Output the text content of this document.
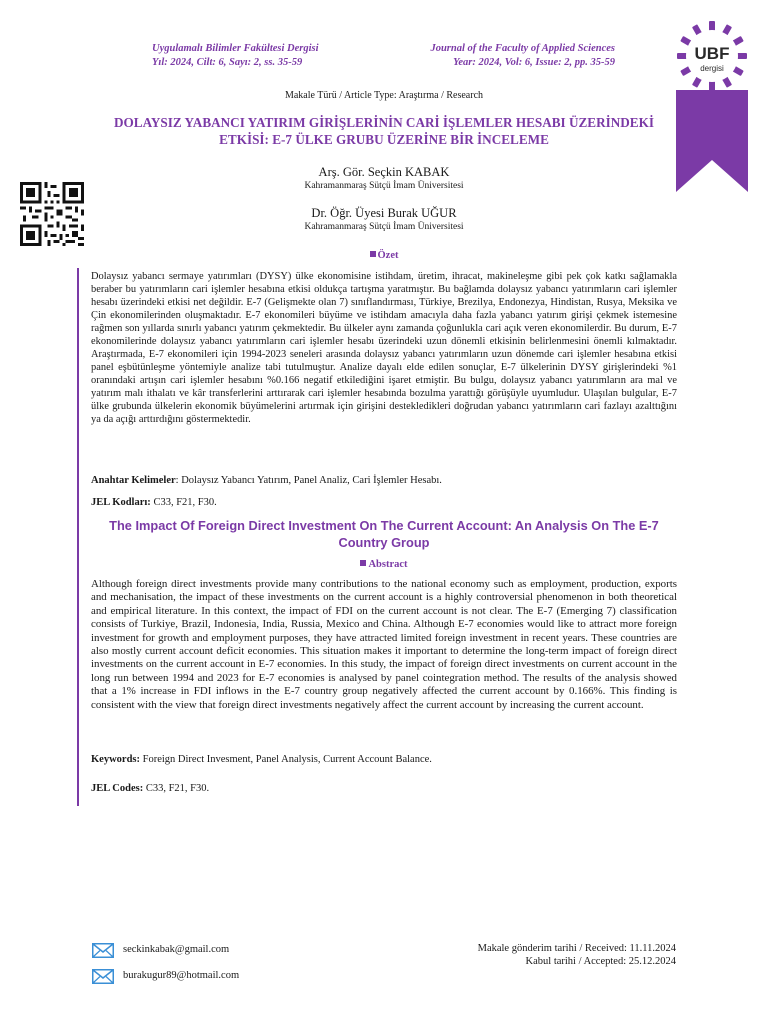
Uygulamalı Bilimler Fakültesi Dergisi
Yıl: 2024, Cilt: 6, Sayı: 2, ss. 35-59
Journal of the Faculty of Applied Sciences
Year: 2024, Vol: 6, Issue: 2, pp. 35-59	UBF
dergisi
Makale Türü / Article Type: Araştırma / Research
DOLAYSIZ YABANCI YATIRIM GİRİŞLERİNİN CARİ İŞLEMLER HESABI ÜZERİNDEKİ ETKİSİ: E-7 ÜLKE GRUBU ÜZERİNE BİR İNCELEME
Arş. Gör. Seçkin KABAK
Kahramanmaraş Sütçü İmam Üniversitesi
Dr. Öğr. Üyesi Burak UĞUR
Kahramanmaraş Sütçü İmam Üniversitesi
Özet
Dolaysız yabancı sermaye yatırımları (DYSY) ülke ekonomisine istihdam, üretim, ihracat, makineleşme gibi pek çok katkı sağlamakla beraber bu yatırımların cari işlemler hesabına etkisi oldukça tartışma yaratmıştır. Bu bağlamda dolaysız yabancı yatırımların cari işlemler hesabı üzerindeki etkisi net değildir. E-7 (Gelişmekte olan 7) sınıflandırması, Türkiye, Brezilya, Endonezya, Hindistan, Rusya, Meksika ve Çin ekonomilerinden oluşmaktadır. E-7 ekonomileri büyüme ve istihdam amacıyla daha fazla yabancı yatırım girişi çekmek istemesine rağmen son yıllarda sınırlı yabancı yatırım çekmektedir. Bu ülkeler aynı zamanda çoğunlukla cari açık veren ekonomilerdir. Bu durum, E-7 ekonomilerinde dolaysız yabancı yatırımların cari işlemler hesabı üzerindeki uzun dönemli etkisinin belirlenmesini önemli kılmaktadır. Araştırmada, E-7 ekonomileri için 1994-2023 seneleri arasında dolaysız yabancı yatırımların uzun dönemde cari işlemler hesabına etkisi panel eşbütünleşme yöntemiyle analize tabi tutulmuştur. Analize dayalı elde edilen sonuçlar, E-7 ülkelerinin DYSY girişlerindeki %1 oranındaki artışın cari işlemler hesabını %0.166 negatif etkilediğini işaret etmiştir. Bu bulgu, dolaysız yabancı yatırımların ara mal ve yatırım malı ithalatı ve kâr transferlerini arttırarak cari işlemler hesabında bozulma yarattığı görüşüyle uyumludur. Ulaşılan bulgular, E-7 ülke grubunda ülkelerin ekonomik büyümelerini artırmak için girişini destekledikleri doğrudan yabancı yatırımların cari fazlayı azalttığını ya da açığı arttırdığını göstermektedir.
Anahtar Kelimeler: Dolaysız Yabancı Yatırım, Panel Analiz, Cari İşlemler Hesabı.
JEL Kodları: C33, F21, F30.
The Impact Of Foreign Direct Investment On The Current Account: An Analysis On The E-7 Country Group
Abstract
Although foreign direct investments provide many contributions to the national economy such as employment, production, exports and mechanisation, the impact of these investments on the current account is a highly controversial phenomenon in both theoretical and empirical literature. In this context, the impact of FDI on the current account is not clear. The E-7 (Emerging 7) classification consists of Turkiye, Brazil, Indonesia, India, Russia, Mexico and China. Although E-7 economies would like to attract more foreign investment for growth and employment purposes, they have attracted limited foreign investment in recent years. These countries are also mostly current account deficit economies. This situation makes it important to determine the long-term impact of foreign direct investments on the current account in E-7 economies. In this study, the impact of foreign direct investments on current account in the long run between 1994 and 2023 for E-7 economies is analysed by panel cointegration method. The results of the analysis showed that a 1% increase in FDI inflows in the E-7 country group negatively affected the current account by 0.166%. This finding is consistent with the view that foreign direct investments negatively affect the current account by increasing the current account.
Keywords: Foreign Direct Invesment, Panel Analysis, Current Account Balance.
JEL Codes: C33, F21, F30.
seckinkabak@gmail.com
burakugur89@hotmail.com
Makale gönderim tarihi / Received: 11.11.2024
Kabul tarihi / Accepted: 25.12.2024
